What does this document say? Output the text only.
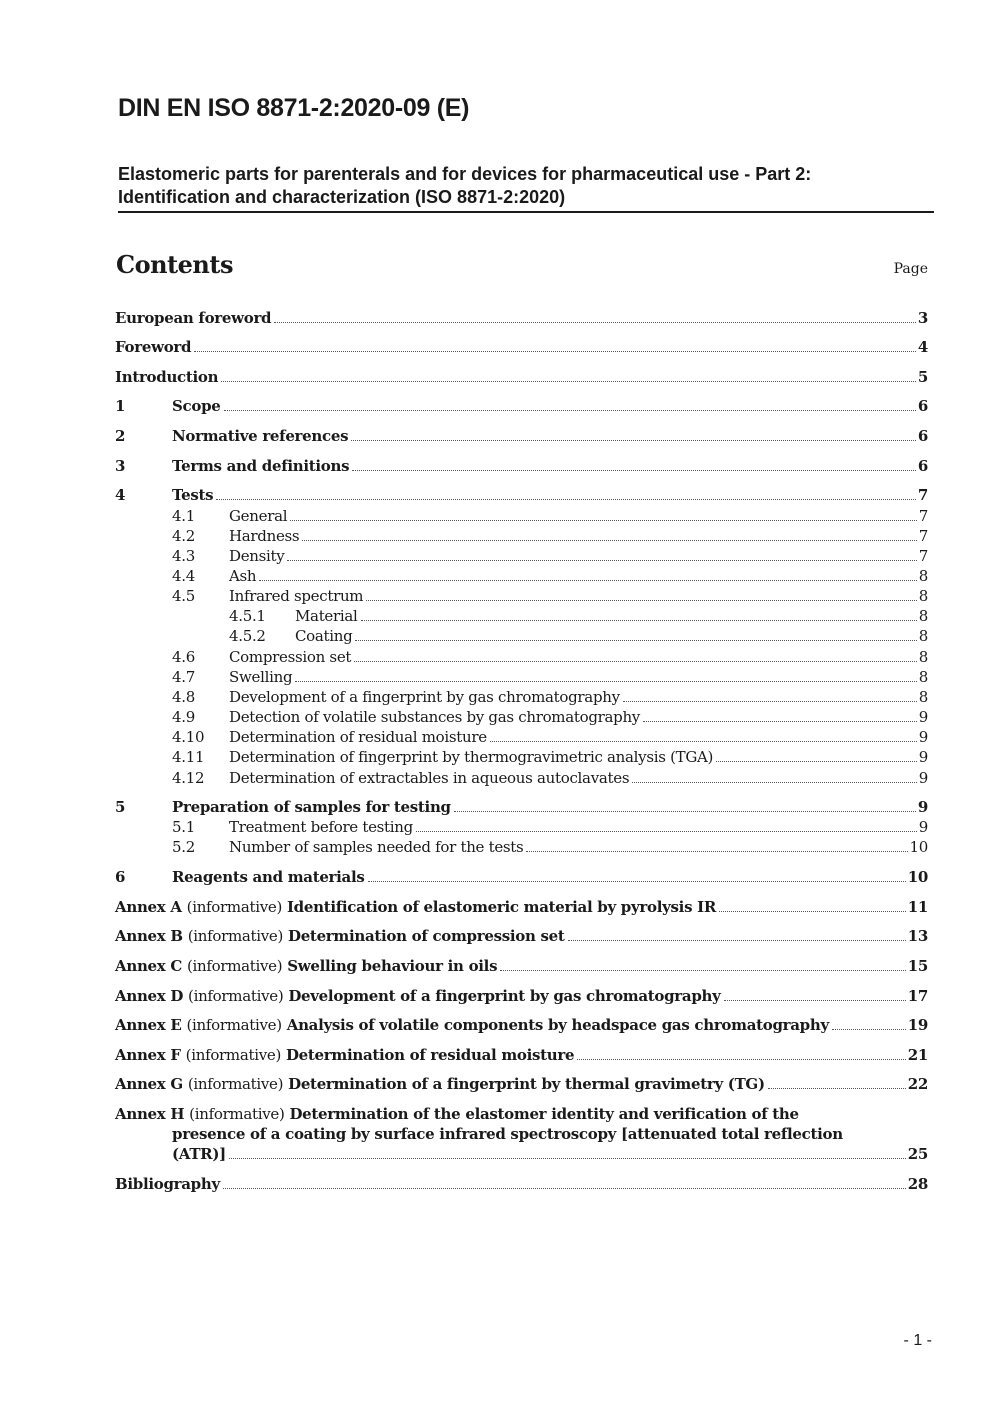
DIN EN ISO 8871-2:2020-09 (E)
Elastomeric parts for parenterals and for devices for pharmaceutical use - Part 2:
Identification and characterization (ISO 8871-2:2020)
Contents	Page
European foreword	3
Foreword	4
Introduction	5
1	Scope	6
2	Normative references	6
3	Terms and definitions	6
4	Tests	7
4.1 General	7
4.2 Hardness	7
4.3 Density	7
4.4 Ash	8
4.5 Infrared spectrum	8
4.5.1 Material	8
4.5.2 Coating	8
4.6 Compression set	8
4.7 Swelling	8
4.8 Development of a fingerprint by gas chromatography	8
4.9 Detection of volatile substances by gas chromatography	9
4.10 Determination of residual moisture	9
4.11 Determination of fingerprint by thermogravimetric analysis (TGA)	9
4.12 Determination of extractables in aqueous autoclavates	9
5	Preparation of samples for testing	9
5.1 Treatment before testing	9
5.2 Number of samples needed for the tests	10
6	Reagents and materials	10
Annex A (informative) Identification of elastomeric material by pyrolysis IR	11
Annex B (informative) Determination of compression set	13
Annex C (informative) Swelling behaviour in oils	15
Annex D (informative) Development of a fingerprint by gas chromatography	17
Annex E (informative) Analysis of volatile components by headspace gas chromatography	19
Annex F (informative) Determination of residual moisture	21
Annex G (informative) Determination of a fingerprint by thermal gravimetry (TG)	22
Annex H (informative) Determination of the elastomer identity and verification of the
presence of a coating by surface infrared spectroscopy [attenuated total reflection
(ATR)]	25
Bibliography	28
- 1 -
